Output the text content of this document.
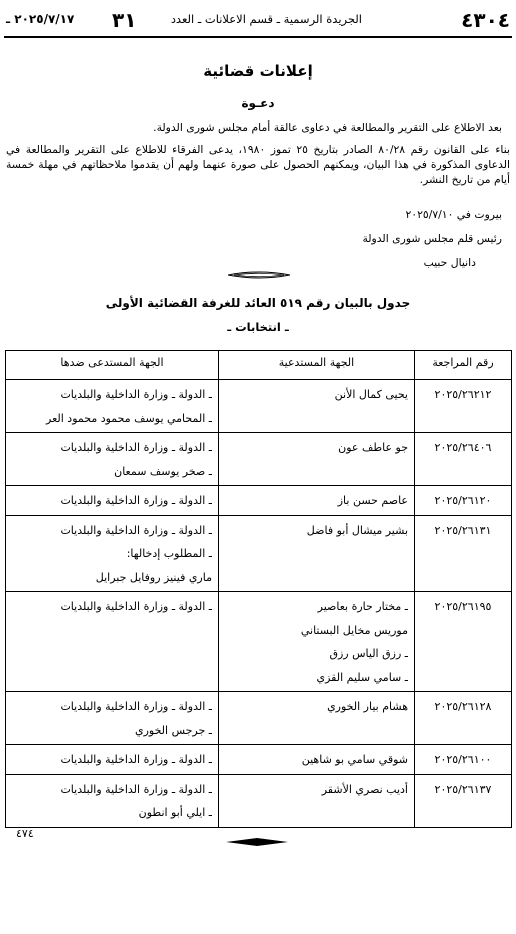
٤٣٠٤
الجريدة الرسمية ـ قسم الاعلانات ـ العدد
٣١
٢٠٢٥/٧/١٧ ـ
إعلانات قضائية
دعـوة
بعد الاطلاع على التقرير والمطالعة في دعاوى عالقة أمام مجلس شورى الدولة.
بناء على القانون رقم ٨٠/٢٨ الصادر بتاريخ ٢٥ تموز ١٩٨٠، يدعى الفرقاء للاطلاع على التقرير والمطالعة في الدعاوى المذكورة في هذا البيان، ويمكنهم الحصول على صورة عنهما ولهم أن يقدموا ملاحظاتهم في مهلة خمسة أيام من تاريخ النشر.
بيروت في ٢٠٢٥/٧/١٠
رئيس قلم مجلس شورى الدولة
دانيال حبيب
جدول بالبيان رقم ٥١٩ العائد للغرفة القضائية الأولى
ـ انتخابات ـ
رقم المراجعة	الجهة المستدعية	الجهة المستدعى ضدها

٢٠٢٥/٢٦٢١٢	يحيى كمال الأنن	ـ الدولة ـ وزارة الداخلية والبلديات
ـ المحامي يوسف محمود محمود العر

٢٠٢٥/٢٦٤٠٦	جو عاطف عون	ـ الدولة ـ وزارة الداخلية والبلديات
ـ صخر يوسف سمعان

٢٠٢٥/٢٦١٢٠	عاصم حسن باز	ـ الدولة ـ وزارة الداخلية والبلديات

٢٠٢٥/٢٦١٣١	بشير ميشال أبو فاضل	ـ الدولة ـ وزارة الداخلية والبلديات
ـ المطلوب إدخالها:
ماري فينيز روفايل جبرايل

٢٠٢٥/٢٦١٩٥	ـ مختار حارة بعاصير
موريس مخايل البستاني
ـ رزق الياس رزق
ـ سامي سليم القزي	ـ الدولة ـ وزارة الداخلية والبلديات

٢٠٢٥/٢٦١٢٨	هشام بيار الخوري	ـ الدولة ـ وزارة الداخلية والبلديات
ـ جرجس الخوري

٢٠٢٥/٢٦١٠٠	شوقي سامي بو شاهين	ـ الدولة ـ وزارة الداخلية والبلديات

٢٠٢٥/٢٦١٣٧	أديب نصري الأشقر	ـ الدولة ـ وزارة الداخلية والبلديات
ـ ايلي أبو انطون
٤٧٤
